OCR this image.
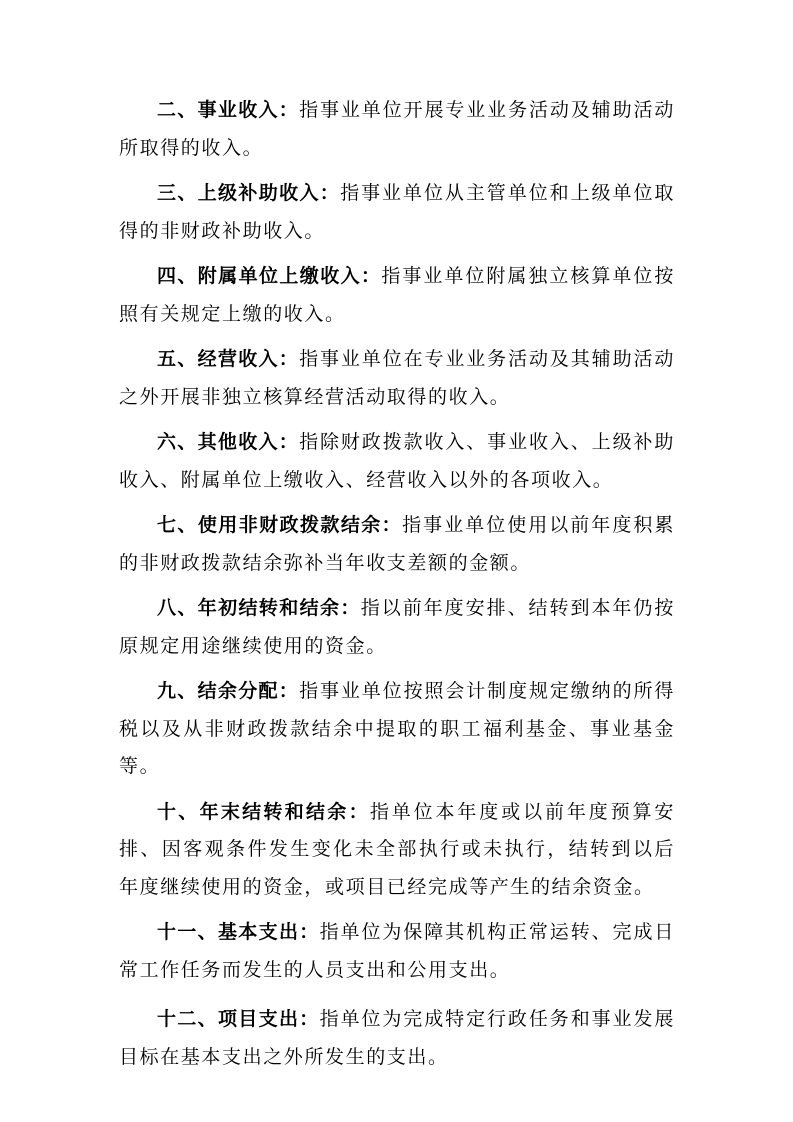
二、事业收入：指事业单位开展专业业务活动及辅助活动所取得的收入。

三、上级补助收入：指事业单位从主管单位和上级单位取得的非财政补助收入。

四、附属单位上缴收入：指事业单位附属独立核算单位按照有关规定上缴的收入。

五、经营收入：指事业单位在专业业务活动及其辅助活动之外开展非独立核算经营活动取得的收入。

六、其他收入：指除财政拨款收入、事业收入、上级补助收入、附属单位上缴收入、经营收入以外的各项收入。

七、使用非财政拨款结余：指事业单位使用以前年度积累的非财政拨款结余弥补当年收支差额的金额。

八、年初结转和结余：指以前年度安排、结转到本年仍按原规定用途继续使用的资金。

九、结余分配：指事业单位按照会计制度规定缴纳的所得税以及从非财政拨款结余中提取的职工福利基金、事业基金等。

十、年末结转和结余：指单位本年度或以前年度预算安排、因客观条件发生变化未全部执行或未执行，结转到以后年度继续使用的资金，或项目已经完成等产生的结余资金。

十一、基本支出：指单位为保障其机构正常运转、完成日常工作任务而发生的人员支出和公用支出。

十二、项目支出：指单位为完成特定行政任务和事业发展目标在基本支出之外所发生的支出。
